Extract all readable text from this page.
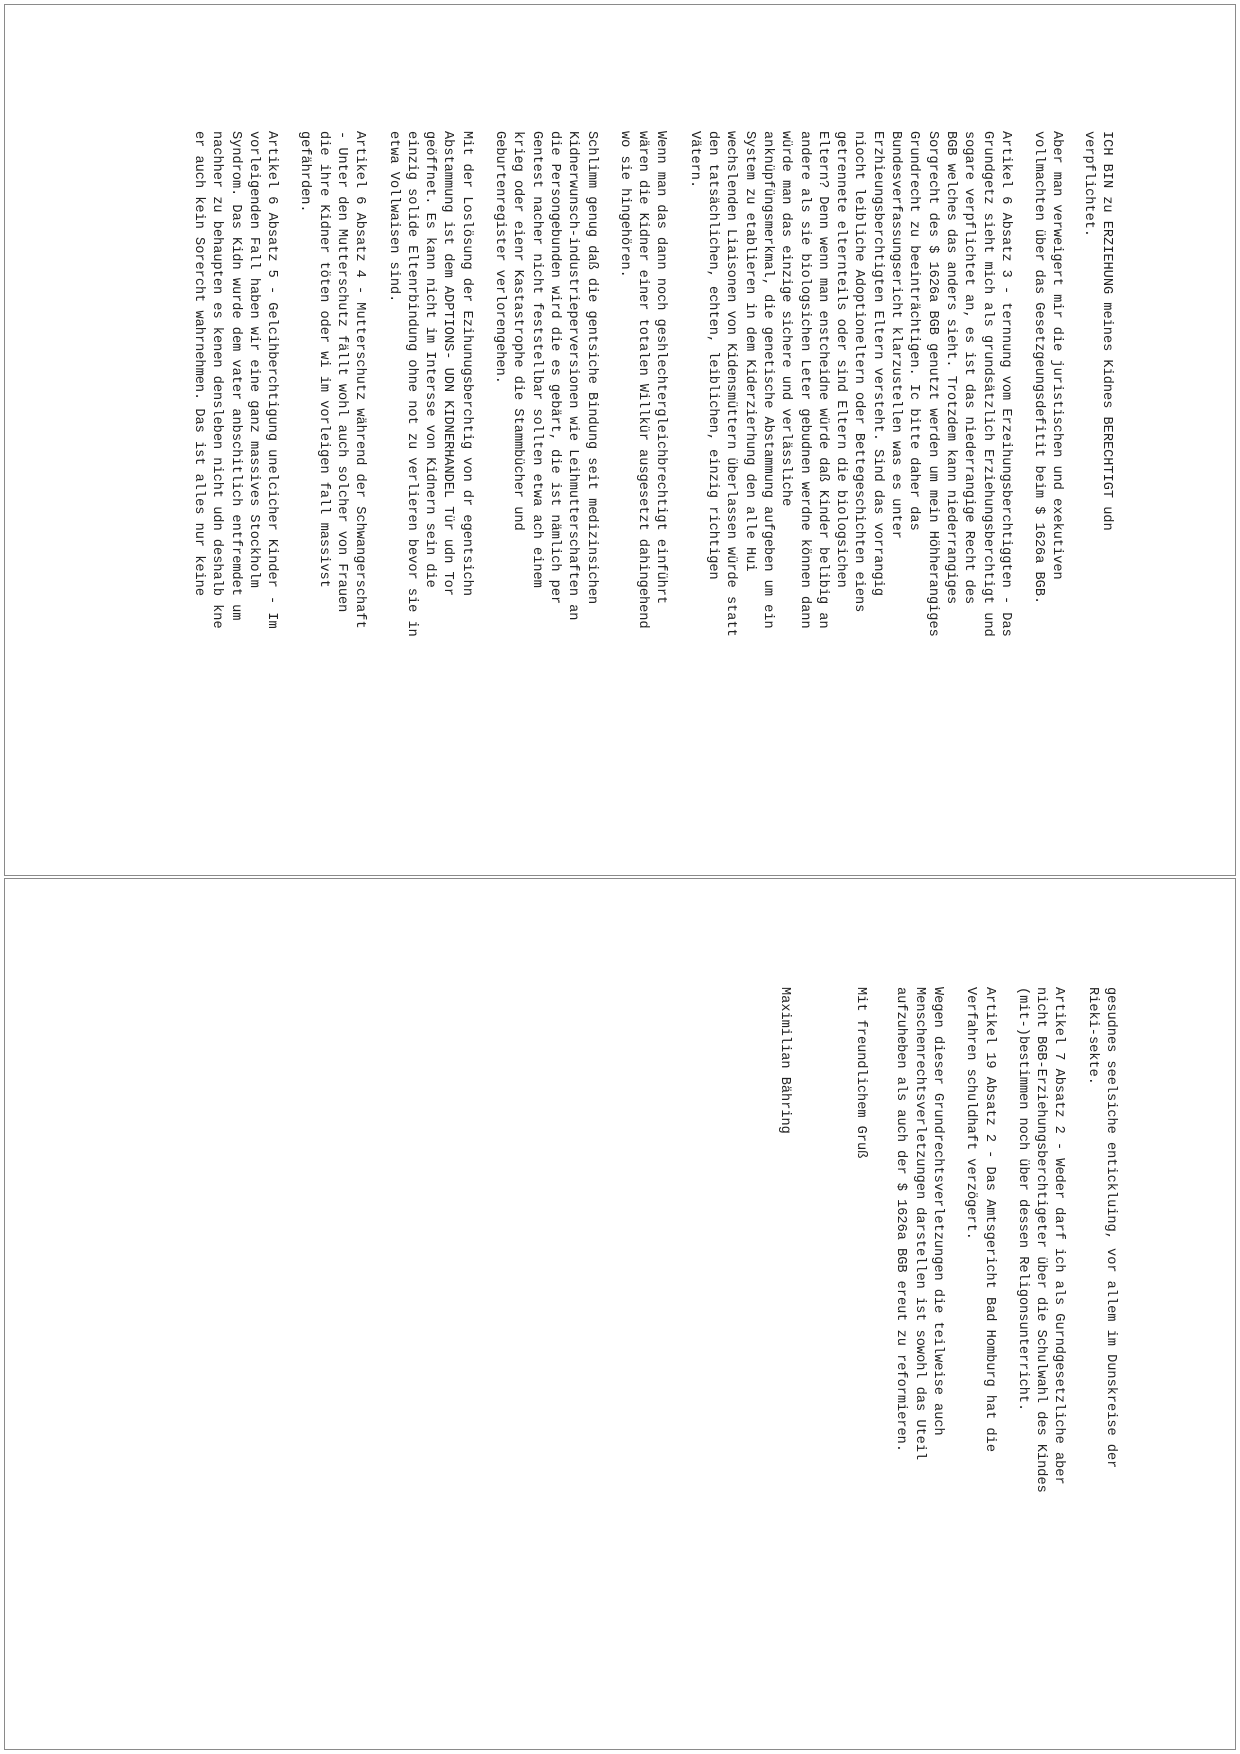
ICH BIN zu ERZIEHUNG meines Kidnes BERECHTIGT udn
verpflichtet.
Aber man verweigert mir die juristischen und exekutiven
vollmachten über das Gesetzgeungsdefitit beim $ 1626a BGB.
Artikel 6 Absatz 3 - ternnung vom Erzeihungsberchtiggten - Das
Grundgetz sieht mich als grundsätzlich Erziehungsberchtigt und
sogare verpflichtet an, es ist das niederrangige Recht des
BGB welches das anders sieht. Trotzdem kann niederrangiges
Sorgrecht des $ 1626a BGB genutzt werden um mein Höhherangiges
Grundrecht zu beeinträchtigen. Ic bitte daher das
Bundesverfassungsericht klarzustellen was es unter
Erzhieungsberchtigten Eltern versteht. Sind das vorrangig
niocht leibliche Adoptioneltern oder Bettegeschichten eiens
getrennete elternteils oder sind Eltern die biologsichen
Eltern? Denn wenn man enstcheidne würde daß Kinder belibig an
andere als sie biologsichen Leter gebudnen werdne können dann
würde man das einzige sichere und verlässliche
anknüpfüngsmerkmal, die genetische Abstammung aufgeben um ein
System zu etablieren in dem Kiderzierhung den alle Hui
wechslenden Liaisonen von Kidensmüttern überlassen würde statt
den tatsächlichen, echten, leiblichen, einzig richtigen
Vätern.
Wenn man das dann noch geshlechtergleichbrechtigt einführt
wären die Kidner einer totalen Willkür ausgesetzt dahingehend
wo sie hingehören.
Schlimm genug daß die gentsiche Bindung seit medizinsichen
Kidnerwunsch-industrieperversionen wie Leihmutterschaften an
die Persongebunden wird die es gebärt, die ist nämlich per
Gentest nacher nicht feststellbar sollten etwa ach einem
krieg oder eienr Kastastrophe die Stammbücher und
Geburtenregister verlorengehen.
Mit der Loslösung der Ezihunugsberchtig von dr egentsichn
Abstammung ist dem ADPTIONS- UDN KIDNERHANDEL Tür udn Tor
geöffnet. Es kann nicht im Intersse von Kidnern sein die
einzig solide Eltenrbindung ohne not zu verlieren bevor sie in
etwa Vollwaisen sind.
Artikel 6 Absatz 4 - Mutterschutz während der Schwangerschaft
- Unter den Mutterschutz fällt wohl auch solcher von Frauen
die ihre Kidner töten oder wi im vorleigen fall massivst
gefährden.
Artikel 6 Absatz 5 - Gelcihberchtigung unelcicher Kinder - Im
vorleigenden Fall haben wir eine ganz massives Stockholm
Syndrom. Das Kidn wurde dem vater anbschitlich entfremdet um
nachher zu behaupten es kenen densleben nicht udn deshalb kne
er auch kein Sorercht wahrnehmen. Das ist alles nur keine
gesudnes seelsiche entickluing, vor allem im Dunskreise der
Rieki-sekte.
Artikel 7 Absatz 2 - Weder darf ich als Gurndgesetzliche aber
nicht BGB-Erziehungsberchtigeter über die Schulwahl des Kindes
(mit-)bestimmen noch über dessen Religonsunterricht.
Artikel 19 Absatz 2 - Das Amtsgericht Bad Homburg hat die
Verfahren schuldhaft verzögert.
Wegen dieser Grundrechtsverletzungen die teilweise auch
Menschenrechtsverletzungen darstellen ist sowohl das Uteil
aufzuheben als auch der $ 1626a BGB ereut zu reformieren.
Mit freundlichem Gruß
Maximilian Bähring
